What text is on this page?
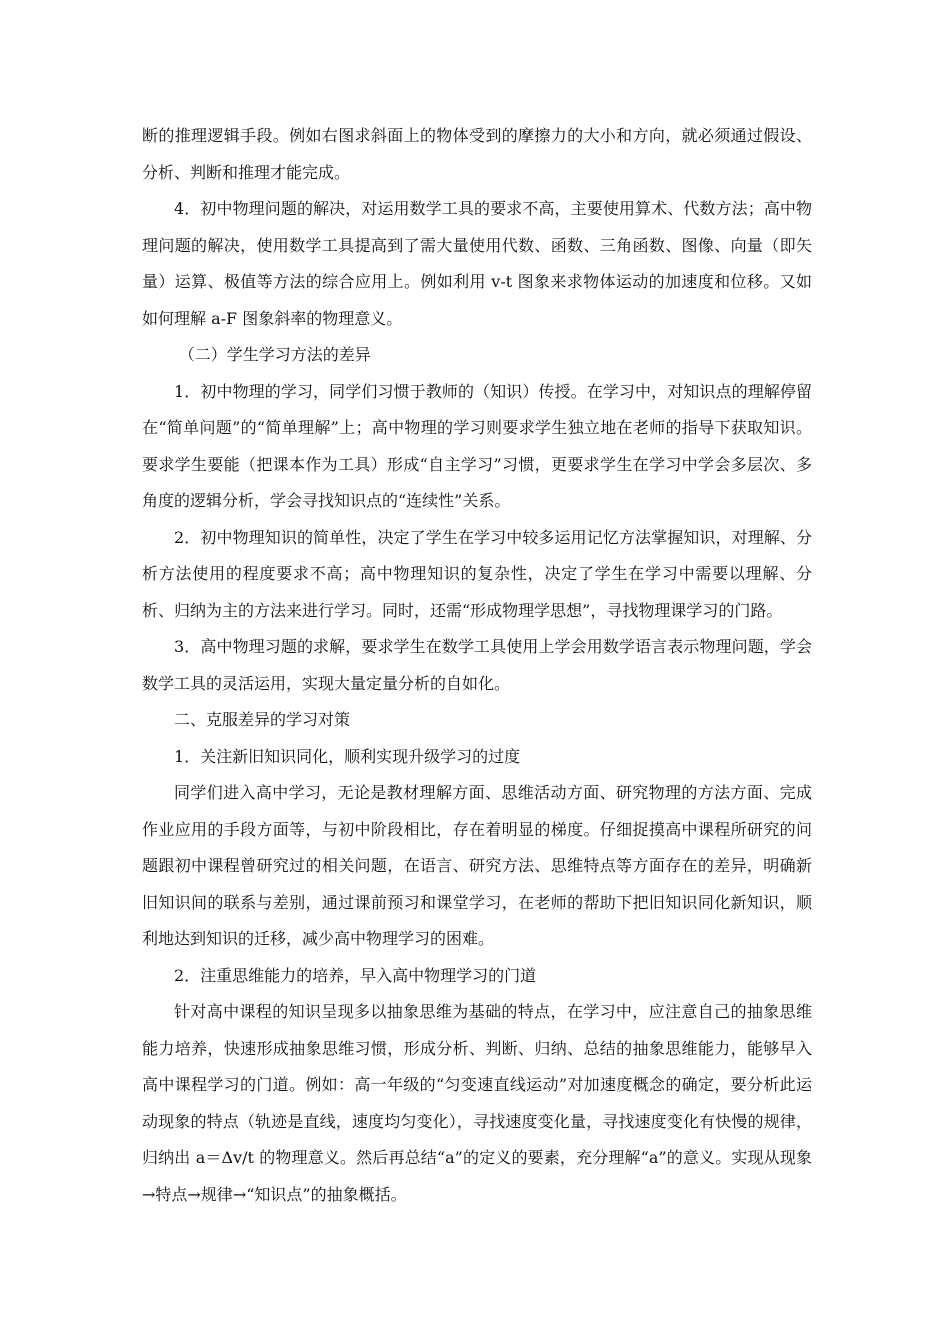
断的推理逻辑手段。例如右图求斜面上的物体受到的摩擦力的大小和方向，就必须通过假设、分析、判断和推理才能完成。

4．初中物理问题的解决，对运用数学工具的要求不高，主要使用算术、代数方法；高中物理问题的解决，使用数学工具提高到了需大量使用代数、函数、三角函数、图像、向量（即矢量）运算、极值等方法的综合应用上。例如利用 v-t 图象来求物体运动的加速度和位移。又如如何理解 a-F 图象斜率的物理意义。

（二）学生学习方法的差异

1．初中物理的学习，同学们习惯于教师的（知识）传授。在学习中，对知识点的理解停留在“简单问题”的“简单理解”上；高中物理的学习则要求学生独立地在老师的指导下获取知识。要求学生要能（把课本作为工具）形成“自主学习”习惯，更要求学生在学习中学会多层次、多角度的逻辑分析，学会寻找知识点的“连续性”关系。

2．初中物理知识的简单性，决定了学生在学习中较多运用记忆方法掌握知识，对理解、分析方法使用的程度要求不高；高中物理知识的复杂性，决定了学生在学习中需要以理解、分析、归纳为主的方法来进行学习。同时，还需“形成物理学思想”，寻找物理课学习的门路。

3．高中物理习题的求解，要求学生在数学工具使用上学会用数学语言表示物理问题，学会数学工具的灵活运用，实现大量定量分析的自如化。

二、克服差异的学习对策

1．关注新旧知识同化，顺利实现升级学习的过度

同学们进入高中学习，无论是教材理解方面、思维活动方面、研究物理的方法方面、完成作业应用的手段方面等，与初中阶段相比，存在着明显的梯度。仔细捉摸高中课程所研究的问题跟初中课程曾研究过的相关问题，在语言、研究方法、思维特点等方面存在的差异，明确新旧知识间的联系与差别，通过课前预习和课堂学习，在老师的帮助下把旧知识同化新知识，顺利地达到知识的迁移，减少高中物理学习的困难。

2．注重思维能力的培养，早入高中物理学习的门道

针对高中课程的知识呈现多以抽象思维为基础的特点，在学习中，应注意自己的抽象思维能力培养，快速形成抽象思维习惯，形成分析、判断、归纳、总结的抽象思维能力，能够早入高中课程学习的门道。例如：高一年级的“匀变速直线运动”对加速度概念的确定，要分析此运动现象的特点（轨迹是直线，速度均匀变化），寻找速度变化量，寻找速度变化有快慢的规律，归纳出 a＝Δv/t 的物理意义。然后再总结“a”的定义的要素，充分理解“a”的意义。实现从现象→特点→规律→“知识点”的抽象概括。
